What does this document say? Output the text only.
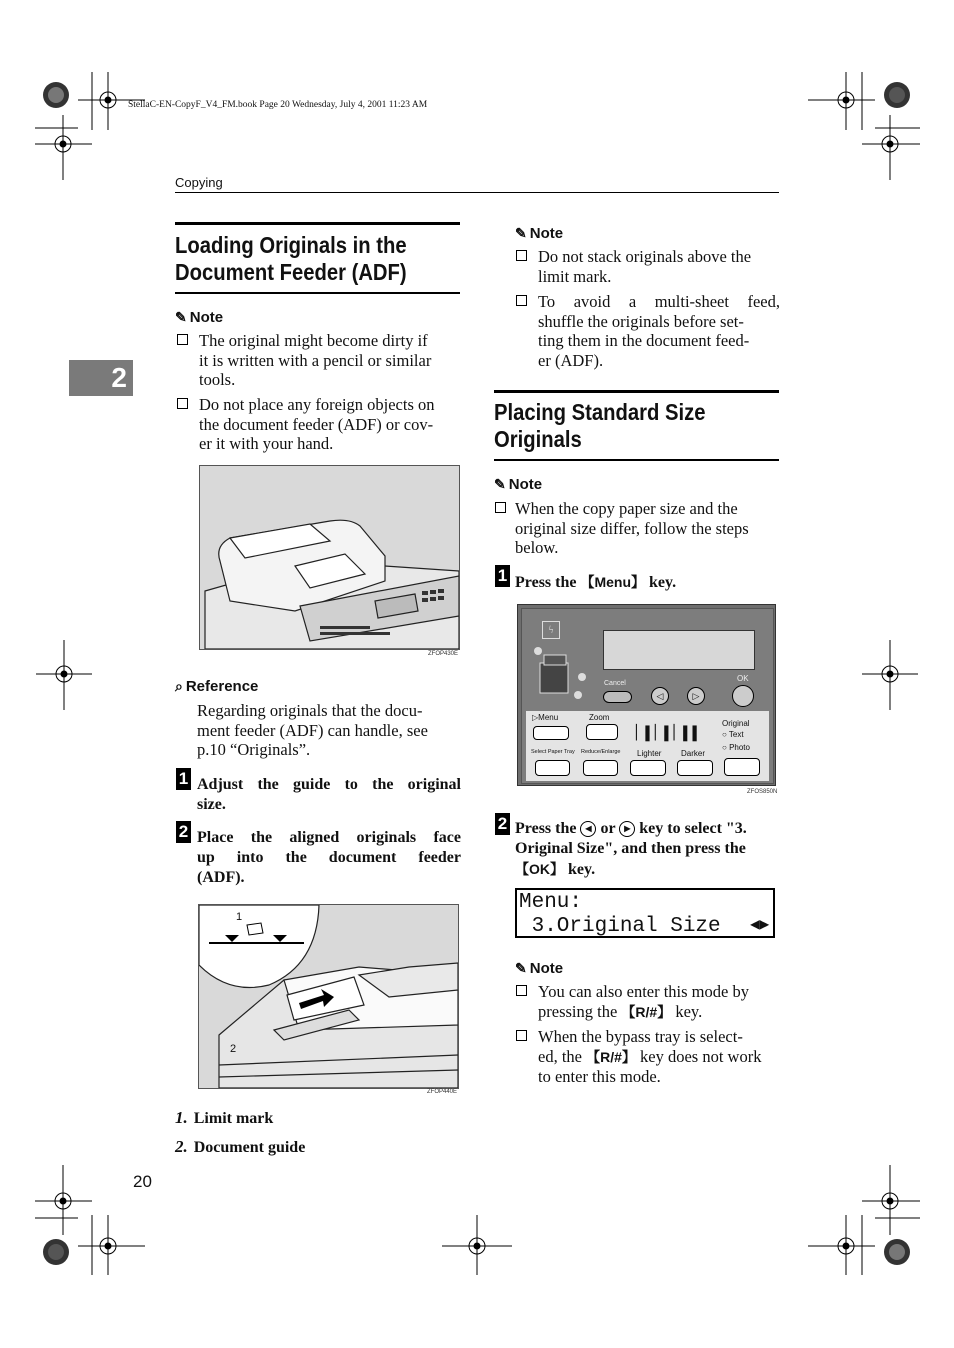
StellaC-EN-CopyF_V4_FM.book Page 20 Wednesday, July 4, 2001 11:23 AM
Copying
2
Loading Originals in the
Document Feeder (ADF)
✎ Note
The original might become dirty if
it is written with a pencil or similar
tools.
Do not place any foreign objects on
the document feeder (ADF) or cov-
er it with your hand.
ZFOP430E
⌕ Reference
Regarding originals that the docu-
ment feeder (ADF) can handle, see
p.10 “Originals”.
1 Adjust the guide to the original
size.
2 Place the aligned originals face
up into the document feeder
(ADF).
1
2
ZFOP440E
1. Limit mark
2. Document guide
20
✎ Note
Do not stack originals above the
limit mark.
To avoid a multi-sheet feed,
shuffle the originals before set-
ting them in the document feed-
er (ADF).
Placing Standard Size
Originals
✎ Note
When the copy paper size and the
original size differ, follow the steps
below.
1 Press the 【Menu】 key.
ϟ
Cancel
◁	▷
OK
▷Menu	Zoom
Select Paper Tray Reduce/Enlarge
▏▌▏▌▏▌▌
Lighter Darker
Original
○ Text
○ Photo
ZFOS850N
2 Press the ◀ or ▶ key to select "3.
Original Size", and then press the
【OK】 key.
Menu:
3.Original Size ◀▶
✎ Note
You can also enter this mode by
pressing the 【R/#】 key.
When the bypass tray is select-
ed, the 【R/#】 key does not work
to enter this mode.
